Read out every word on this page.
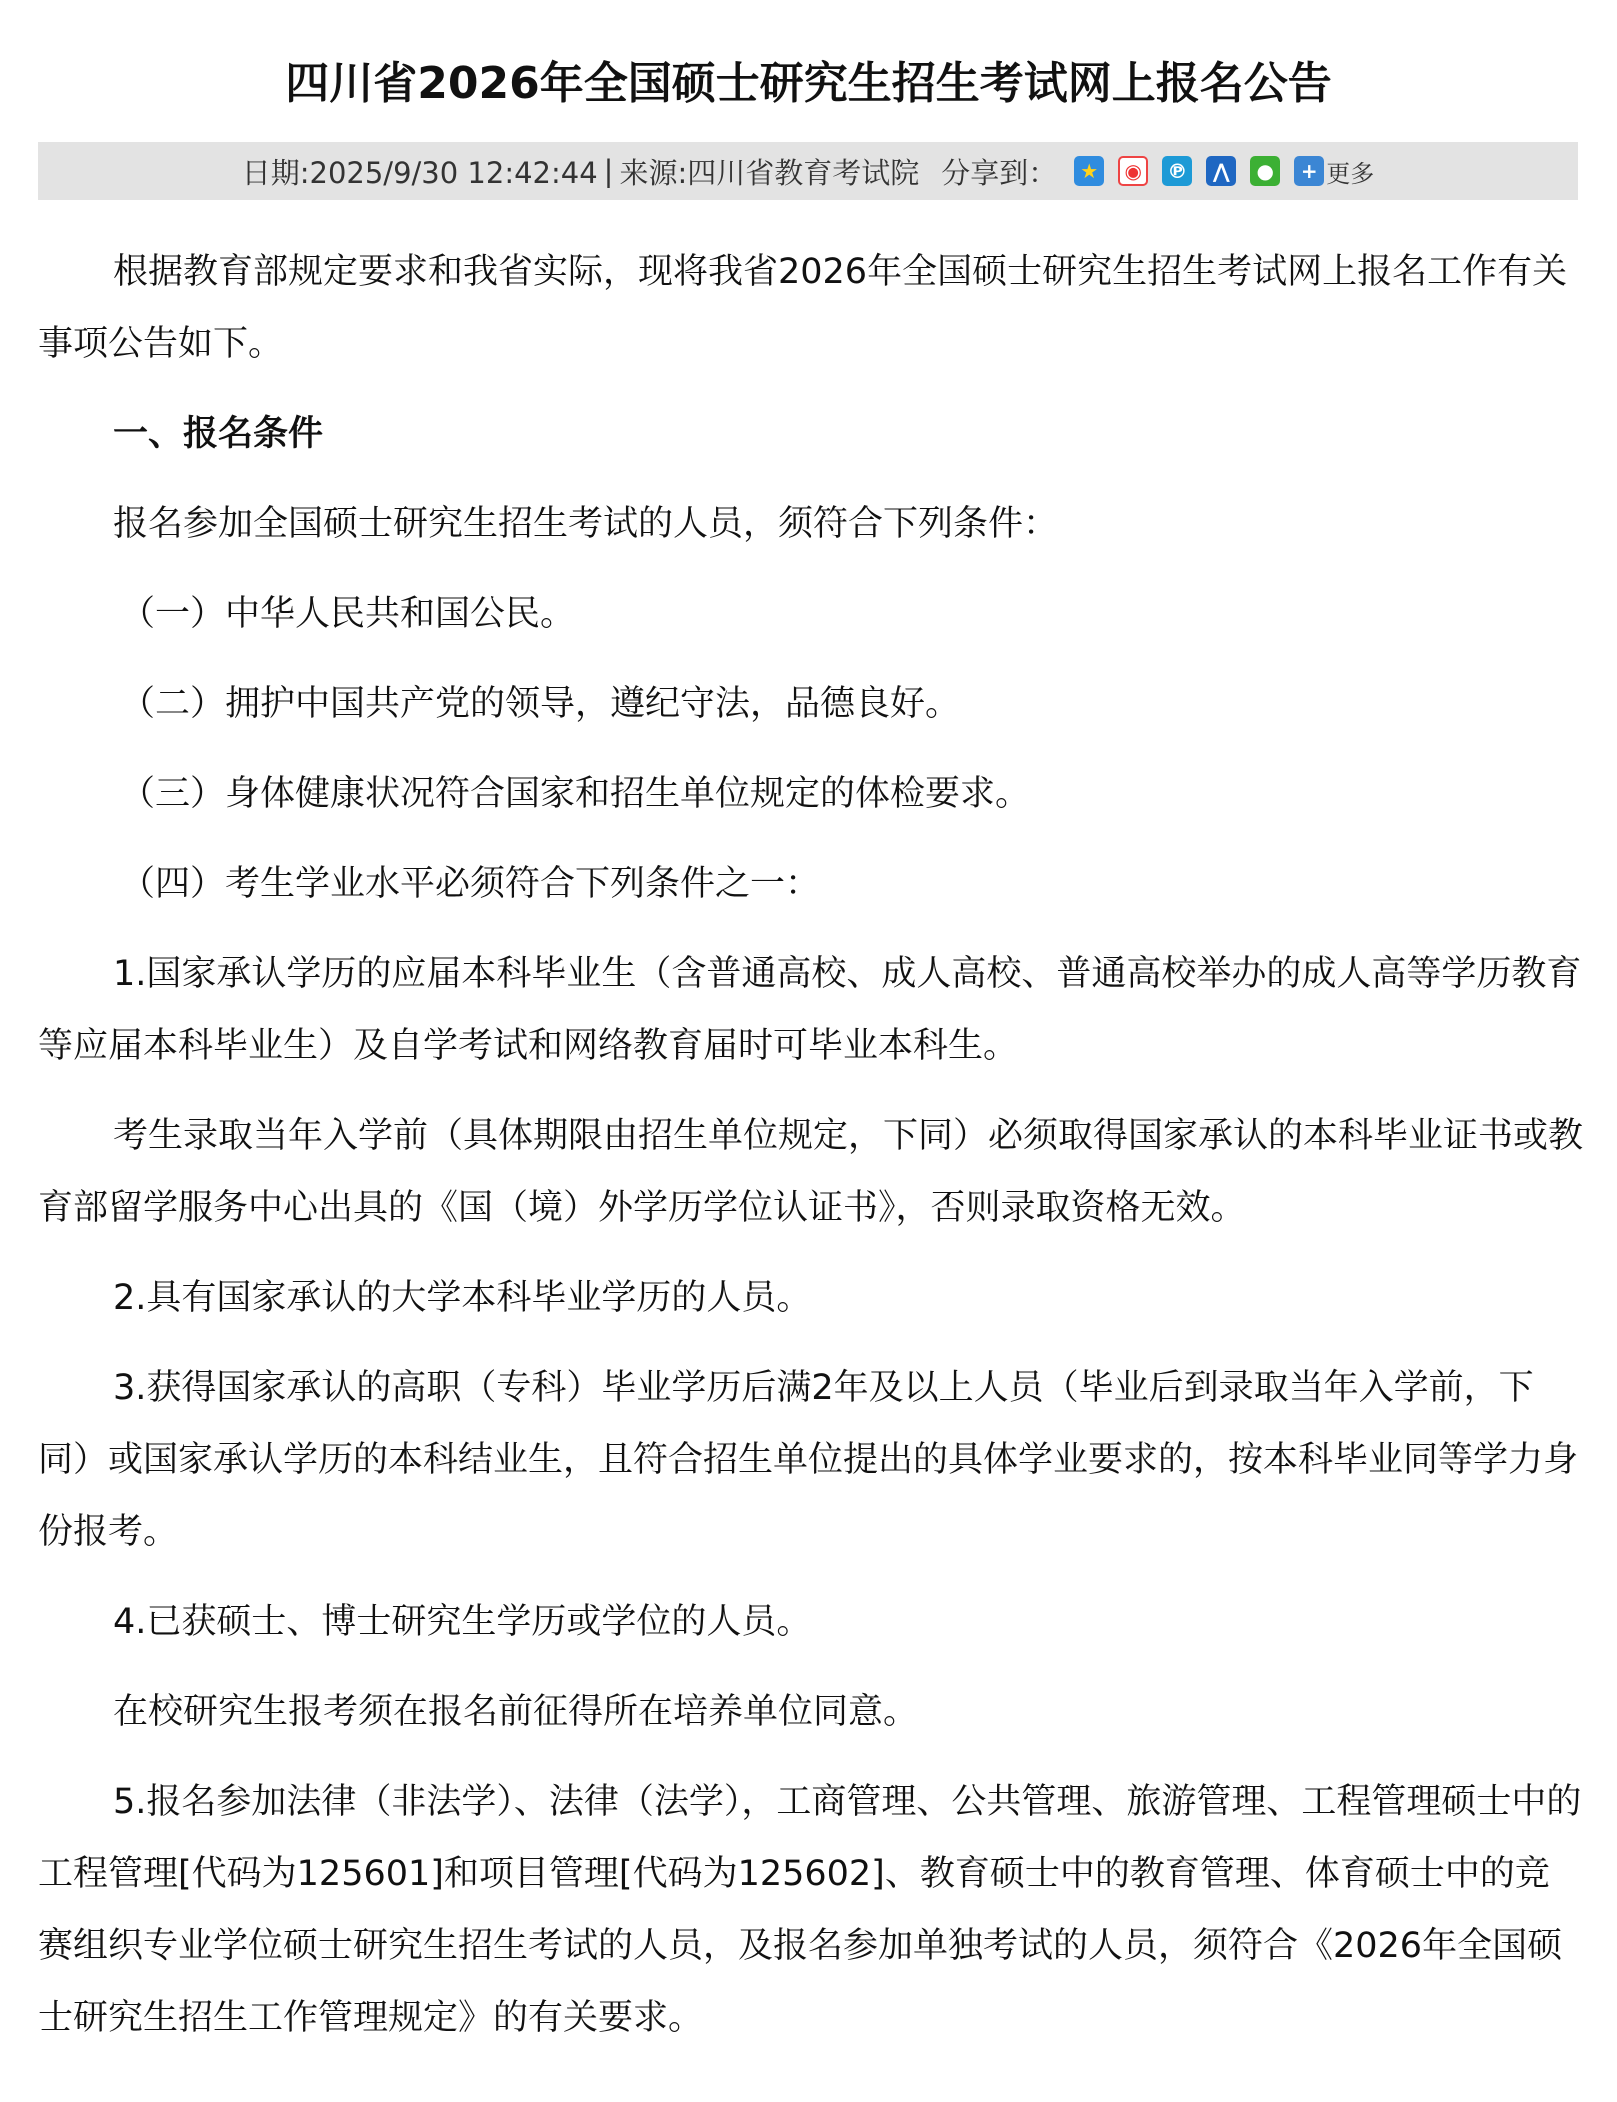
四川省2026年全国硕士研究生招生考试网上报名公告
日期:2025/9/30 12:42:44 | 来源:四川省教育考试院 分享到：	★	◉	℗	⋀	●	+ 更多

根据教育部规定要求和我省实际，现将我省2026年全国硕士研究生招生考试网上报名工作有关事项公告如下。

一、报名条件

报名参加全国硕士研究生招生考试的人员，须符合下列条件：

（一）中华人民共和国公民。

（二）拥护中国共产党的领导，遵纪守法，品德良好。

（三）身体健康状况符合国家和招生单位规定的体检要求。

（四）考生学业水平必须符合下列条件之一：

1.国家承认学历的应届本科毕业生（含普通高校、成人高校、普通高校举办的成人高等学历教育等应届本科毕业生）及自学考试和网络教育届时可毕业本科生。

考生录取当年入学前（具体期限由招生单位规定，下同）必须取得国家承认的本科毕业证书或教育部留学服务中心出具的《国（境）外学历学位认证书》，否则录取资格无效。

2.具有国家承认的大学本科毕业学历的人员。

3.获得国家承认的高职（专科）毕业学历后满2年及以上人员（毕业后到录取当年入学前，下同）或国家承认学历的本科结业生，且符合招生单位提出的具体学业要求的，按本科毕业同等学力身份报考。

4.已获硕士、博士研究生学历或学位的人员。

在校研究生报考须在报名前征得所在培养单位同意。

5.报名参加法律（非法学）、法律（法学），工商管理、公共管理、旅游管理、工程管理硕士中的工程管理[代码为125601]和项目管理[代码为125602]、教育硕士中的教育管理、体育硕士中的竞赛组织专业学位硕士研究生招生考试的人员，及报名参加单独考试的人员，须符合《2026年全国硕士研究生招生工作管理规定》的有关要求。
